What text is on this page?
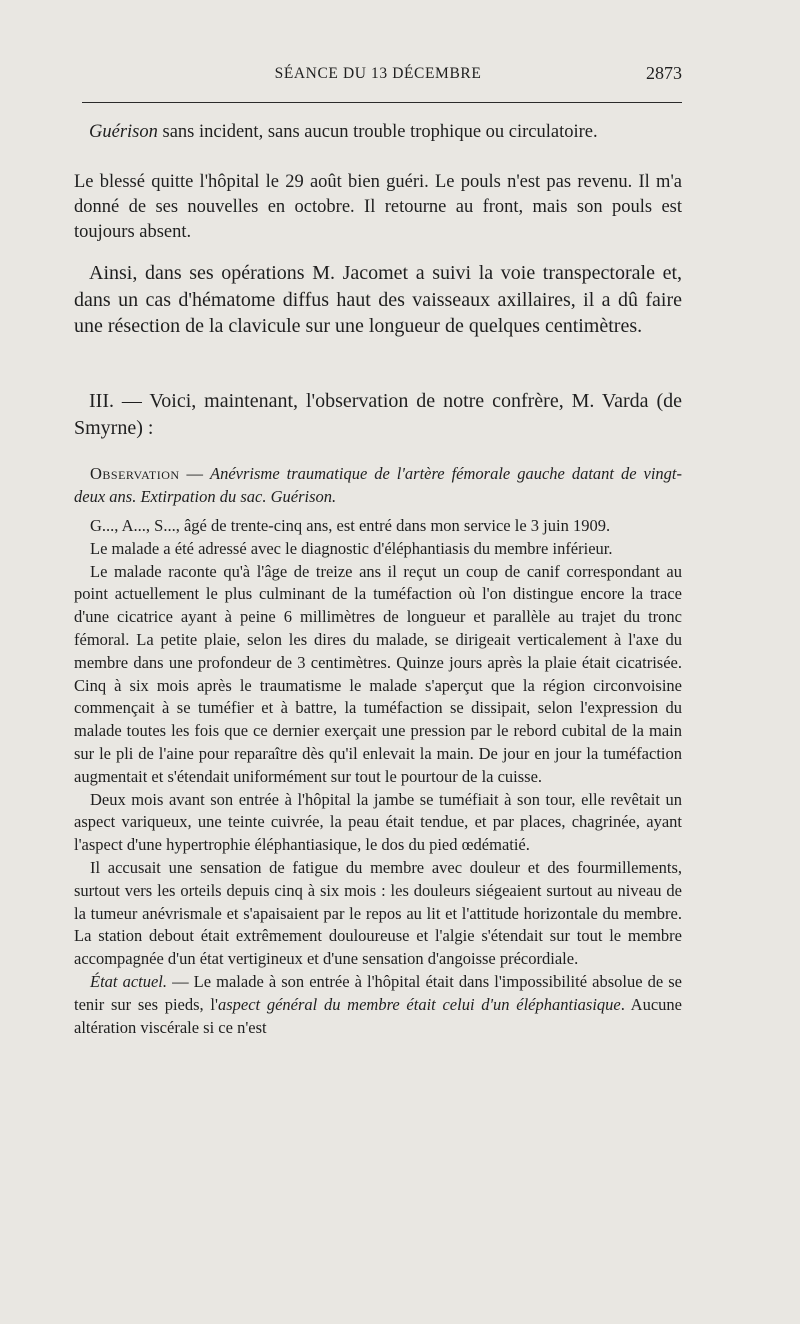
SÉANCE DU 13 DÉCEMBRE	2873

Guérison sans incident, sans aucun trouble trophique ou circulatoire.

Le blessé quitte l'hôpital le 29 août bien guéri. Le pouls n'est pas revenu. Il m'a donné de ses nouvelles en octobre. Il retourne au front, mais son pouls est toujours absent.

Ainsi, dans ses opérations M. Jacomet a suivi la voie transpectorale et, dans un cas d'hématome diffus haut des vaisseaux axillaires, il a dû faire une résection de la clavicule sur une longueur de quelques centimètres.

III. — Voici, maintenant, l'observation de notre confrère, M. Varda (de Smyrne) :

Observation — Anévrisme traumatique de l'artère fémorale gauche datant de vingt-deux ans. Extirpation du sac. Guérison.

G..., A..., S..., âgé de trente-cinq ans, est entré dans mon service le 3 juin 1909.

Le malade a été adressé avec le diagnostic d'éléphantiasis du membre inférieur.

Le malade raconte qu'à l'âge de treize ans il reçut un coup de canif correspondant au point actuellement le plus culminant de la tuméfaction où l'on distingue encore la trace d'une cicatrice ayant à peine 6 millimètres de longueur et parallèle au trajet du tronc fémoral. La petite plaie, selon les dires du malade, se dirigeait verticalement à l'axe du membre dans une profondeur de 3 centimètres. Quinze jours après la plaie était cicatrisée. Cinq à six mois après le traumatisme le malade s'aperçut que la région circonvoisine commençait à se tuméfier et à battre, la tuméfaction se dissipait, selon l'expression du malade toutes les fois que ce dernier exerçait une pression par le rebord cubital de la main sur le pli de l'aine pour reparaître dès qu'il enlevait la main. De jour en jour la tuméfaction augmentait et s'étendait uniformément sur tout le pourtour de la cuisse.

Deux mois avant son entrée à l'hôpital la jambe se tuméfiait à son tour, elle revêtait un aspect variqueux, une teinte cuivrée, la peau était tendue, et par places, chagrinée, ayant l'aspect d'une hypertrophie éléphantiasique, le dos du pied œdématié.

Il accusait une sensation de fatigue du membre avec douleur et des fourmillements, surtout vers les orteils depuis cinq à six mois : les douleurs siégeaient surtout au niveau de la tumeur anévrismale et s'apaisaient par le repos au lit et l'attitude horizontale du membre. La station debout était extrêmement douloureuse et l'algie s'étendait sur tout le membre accompagnée d'un état vertigineux et d'une sensation d'angoisse précordiale.

État actuel. — Le malade à son entrée à l'hôpital était dans l'impossibilité absolue de se tenir sur ses pieds, l'aspect général du membre était celui d'un éléphantiasique. Aucune altération viscérale si ce n'est
